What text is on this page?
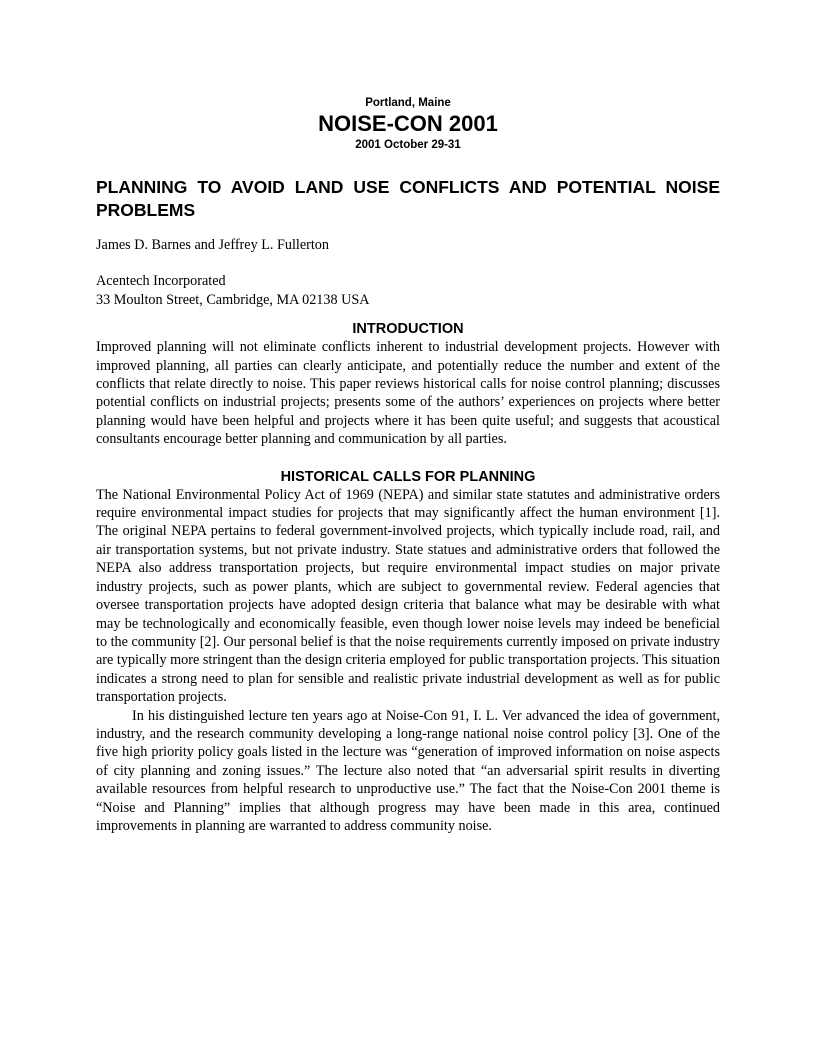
Portland, Maine
NOISE-CON 2001
2001 October 29-31
PLANNING TO AVOID LAND USE CONFLICTS AND POTENTIAL NOISE PROBLEMS
James D. Barnes and Jeffrey L. Fullerton
Acentech Incorporated
33 Moulton Street, Cambridge, MA 02138 USA
INTRODUCTION

Improved planning will not eliminate conflicts inherent to industrial development projects. However with improved planning, all parties can clearly anticipate, and potentially reduce the number and extent of the conflicts that relate directly to noise. This paper reviews historical calls for noise control planning; discusses potential conflicts on industrial projects; presents some of the authors’ experiences on projects where better planning would have been helpful and projects where it has been quite useful; and suggests that acoustical consultants encourage better planning and communication by all parties.

HISTORICAL CALLS FOR PLANNING

The National Environmental Policy Act of 1969 (NEPA) and similar state statutes and administrative orders require environmental impact studies for projects that may significantly affect the human environment [1]. The original NEPA pertains to federal government-involved projects, which typically include road, rail, and air transportation systems, but not private industry. State statues and administrative orders that followed the NEPA also address transportation projects, but require environmental impact studies on major private industry projects, such as power plants, which are subject to governmental review. Federal agencies that oversee transportation projects have adopted design criteria that balance what may be desirable with what may be technologically and economically feasible, even though lower noise levels may indeed be beneficial to the community [2]. Our personal belief is that the noise requirements currently imposed on private industry are typically more stringent than the design criteria employed for public transportation projects. This situation indicates a strong need to plan for sensible and realistic private industrial development as well as for public transportation projects.

In his distinguished lecture ten years ago at Noise-Con 91, I. L. Ver advanced the idea of government, industry, and the research community developing a long-range national noise control policy [3]. One of the five high priority policy goals listed in the lecture was “generation of improved information on noise aspects of city planning and zoning issues.” The lecture also noted that “an adversarial spirit results in diverting available resources from helpful research to unproductive use.” The fact that the Noise-Con 2001 theme is “Noise and Planning” implies that although progress may have been made in this area, continued improvements in planning are warranted to address community noise.
